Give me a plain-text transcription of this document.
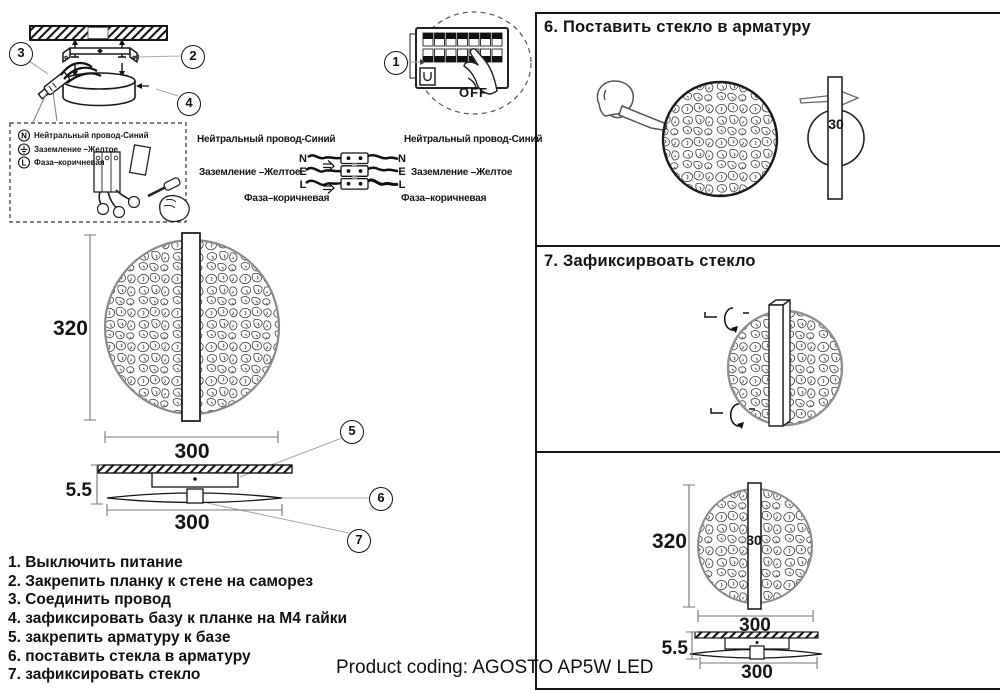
N
L
Нейтральный провод-Синий
Заземление –Желтое
Фаза–коричневая
Нейтральный провод-Синий
Заземление –Желтое
Фаза–коричневая
Нейтральный провод-Синий
Заземление –Желтое
Фаза–коричневая
N
E
L
N
E
L
OFF
6. Поставить стекло в арматуру
7. Зафиксирвоать стекло
320
300
5.5
300
30
320	30
300
5.5
300
1
2
3
4
5
6
7
1. Выключить питание
2. Закрепить планку к стене на саморез
3. Соединить провод
4. зафиксировать базу к планке на М4 гайки
5. закрепить арматуру к базе
6. поставить стекла в арматуру
7. зафиксировать стекло	Product coding: AGOSTO AP5W LED
